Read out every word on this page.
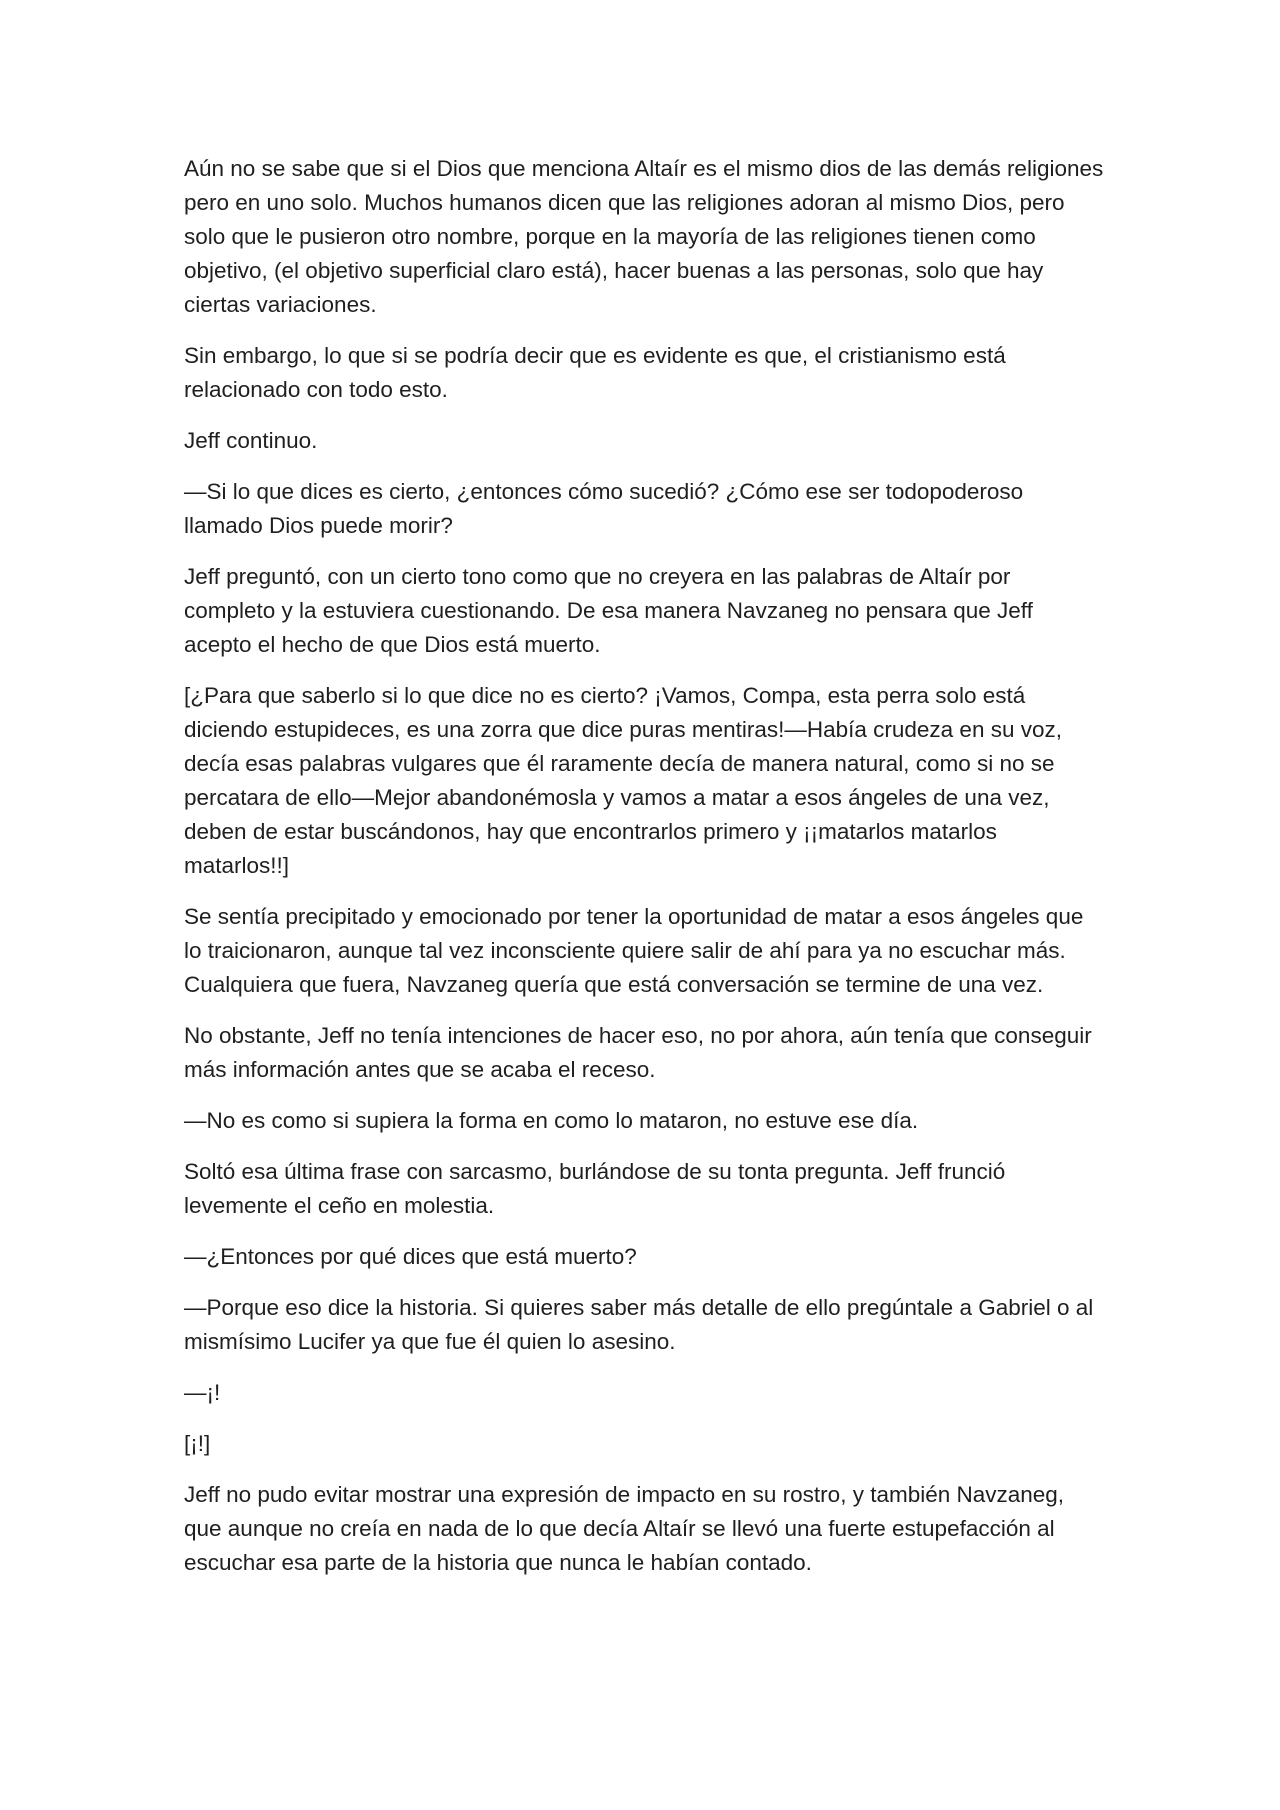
Aún no se sabe que si el Dios que menciona Altaír es el mismo dios de las demás religiones pero en uno solo. Muchos humanos dicen que las religiones adoran al mismo Dios, pero solo que le pusieron otro nombre, porque en la mayoría de las religiones tienen como objetivo, (el objetivo superficial claro está), hacer buenas a las personas, solo que hay ciertas variaciones.

Sin embargo, lo que si se podría decir que es evidente es que, el cristianismo está relacionado con todo esto.

Jeff continuo.

—Si lo que dices es cierto, ¿entonces cómo sucedió? ¿Cómo ese ser todopoderoso llamado Dios puede morir?

Jeff preguntó, con un cierto tono como que no creyera en las palabras de Altaír por completo y la estuviera cuestionando. De esa manera Navzaneg no pensara que Jeff acepto el hecho de que Dios está muerto.

[¿Para que saberlo si lo que dice no es cierto? ¡Vamos, Compa, esta perra solo está diciendo estupideces, es una zorra que dice puras mentiras!—Había crudeza en su voz, decía esas palabras vulgares que él raramente decía de manera natural, como si no se percatara de ello—Mejor abandonémosla y vamos a matar a esos ángeles de una vez, deben de estar buscándonos, hay que encontrarlos primero y ¡¡matarlos matarlos matarlos!!]

Se sentía precipitado y emocionado por tener la oportunidad de matar a esos ángeles que lo traicionaron, aunque tal vez inconsciente quiere salir de ahí para ya no escuchar más. Cualquiera que fuera, Navzaneg quería que está conversación se termine de una vez.

No obstante, Jeff no tenía intenciones de hacer eso, no por ahora, aún tenía que conseguir más información antes que se acaba el receso.

—No es como si supiera la forma en como lo mataron, no estuve ese día.

Soltó esa última frase con sarcasmo, burlándose de su tonta pregunta. Jeff frunció levemente el ceño en molestia.

—¿Entonces por qué dices que está muerto?

—Porque eso dice la historia. Si quieres saber más detalle de ello pregúntale a Gabriel o al mismísimo Lucifer ya que fue él quien lo asesino.

—¡!

[¡!]

Jeff no pudo evitar mostrar una expresión de impacto en su rostro, y también Navzaneg, que aunque no creía en nada de lo que decía Altaír se llevó una fuerte estupefacción al escuchar esa parte de la historia que nunca le habían contado.
